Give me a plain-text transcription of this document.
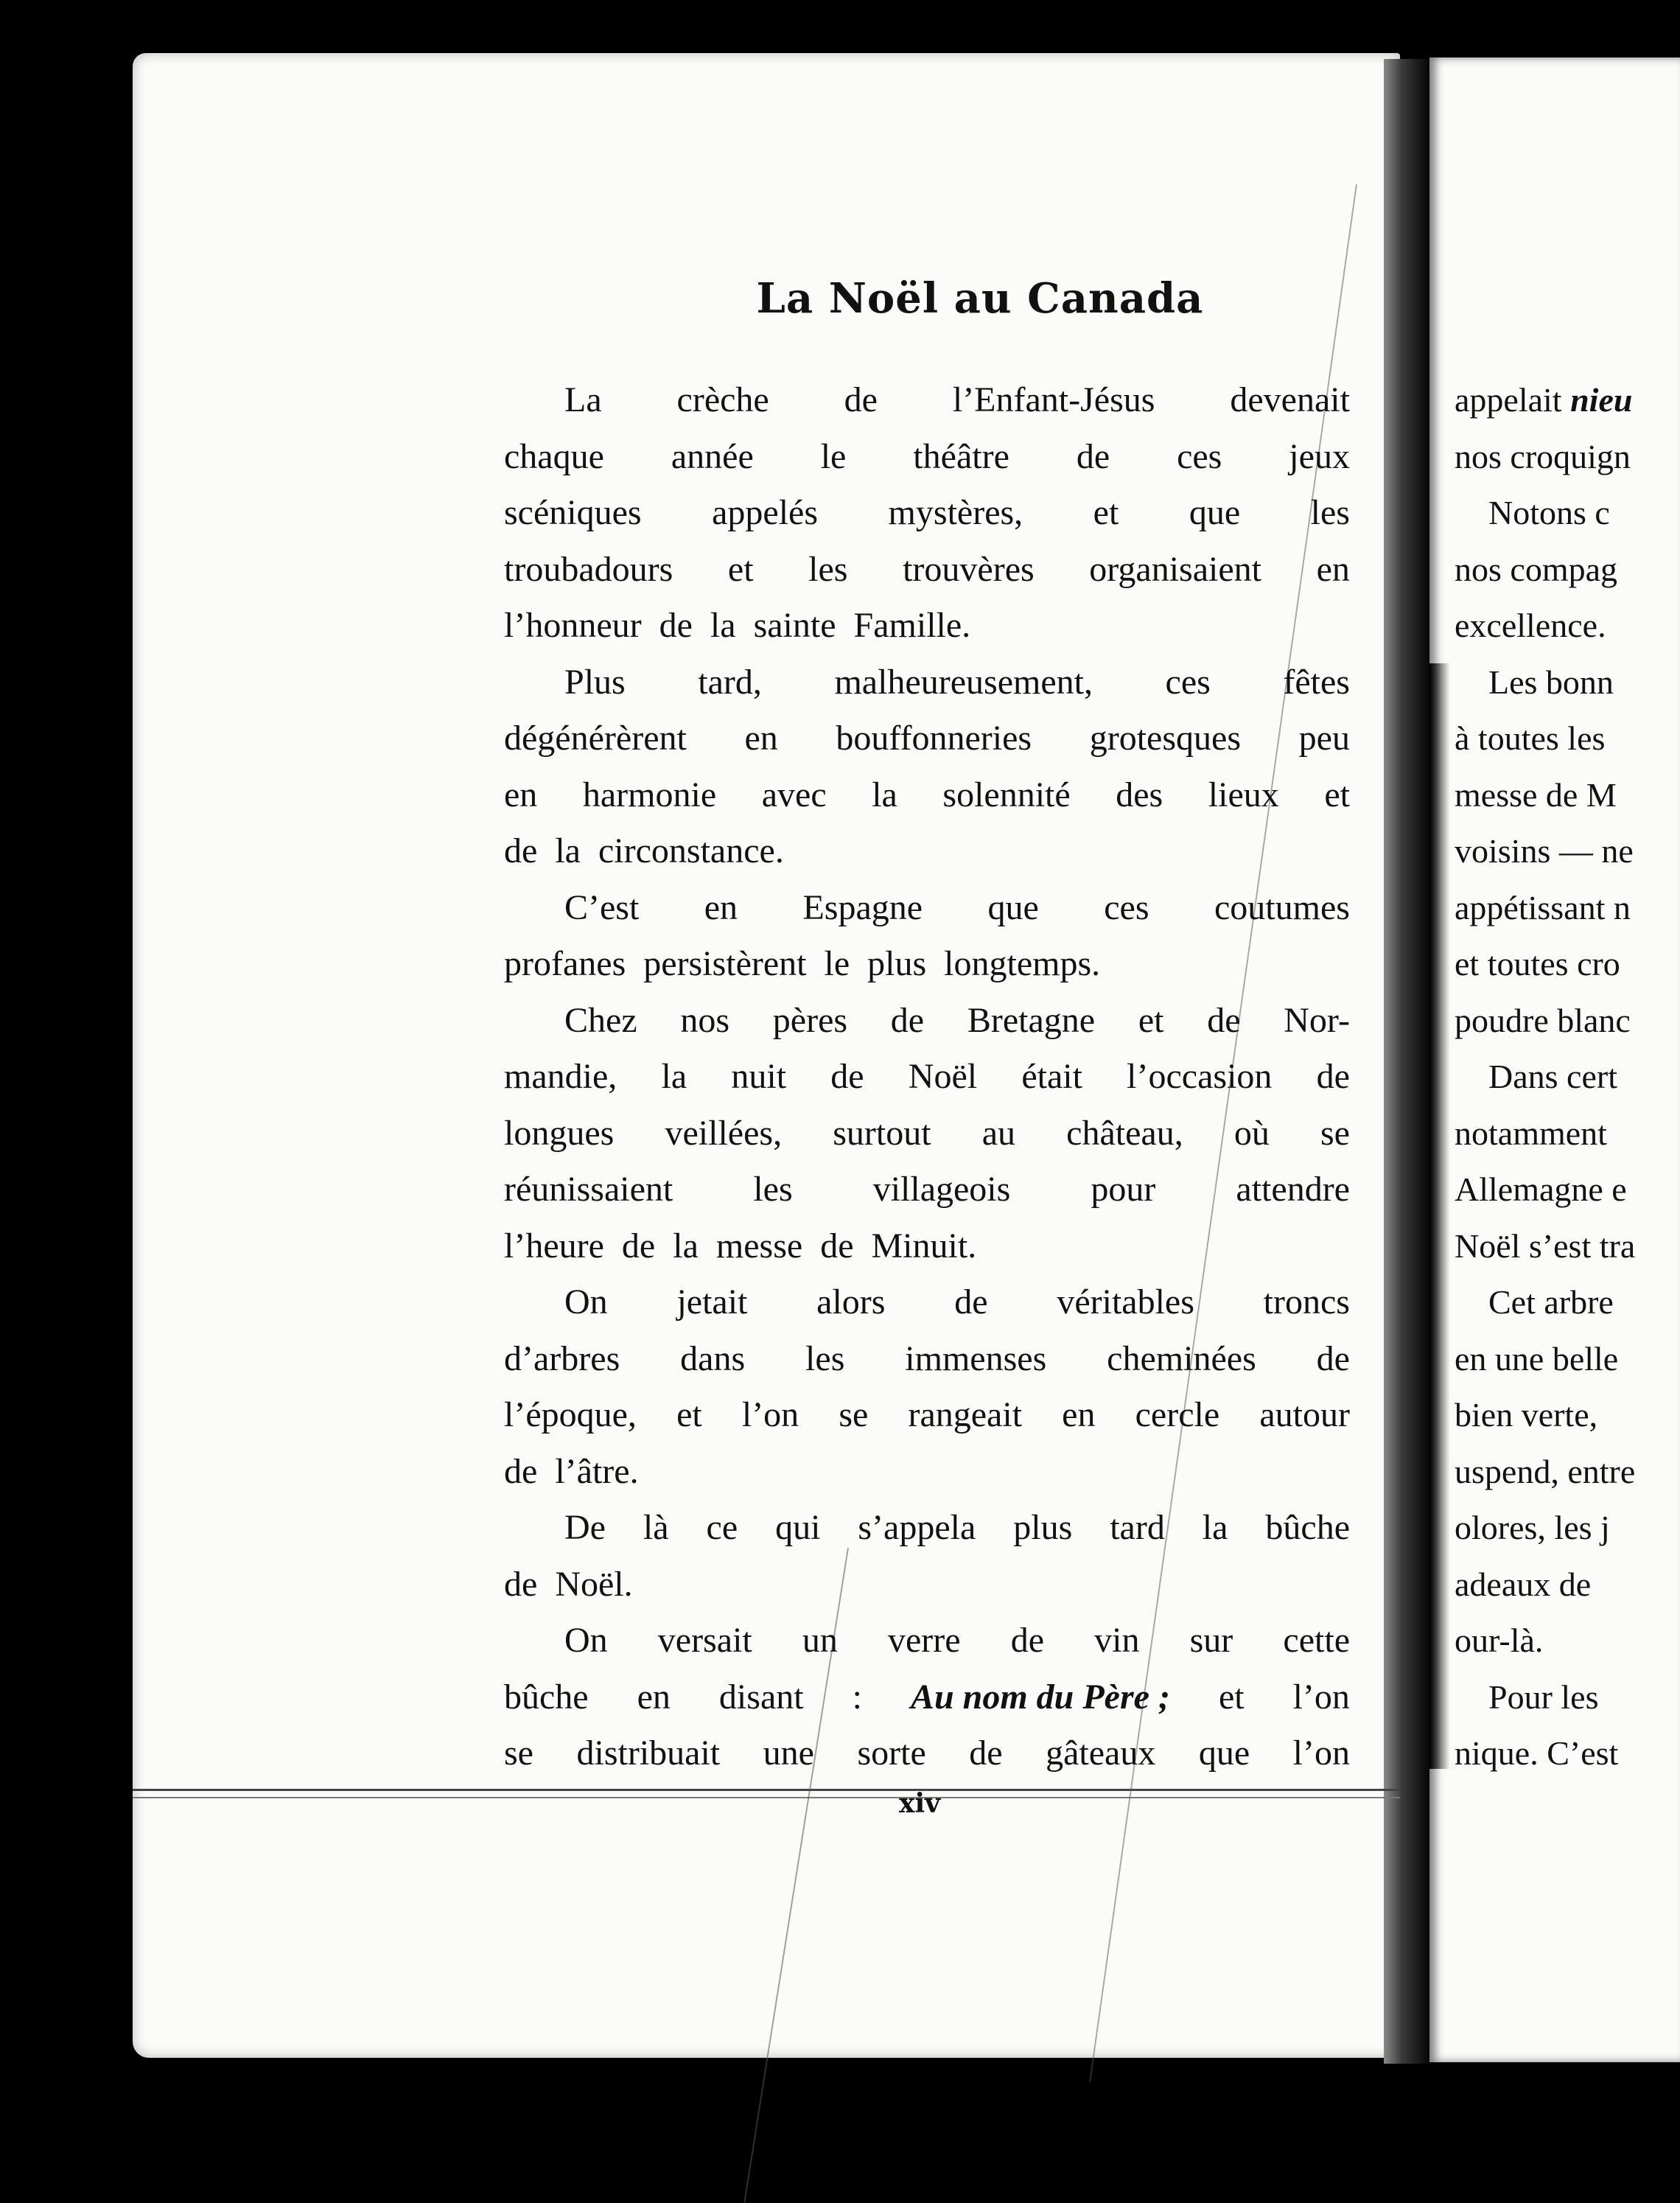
La Noël au Canada
La crèche de l’Enfant-Jésus devenait
chaque année le théâtre de ces jeux
scéniques appelés mystères, et que les
troubadours et les trouvères organisaient en
l’honneur de la sainte Famille.
Plus tard, malheureusement, ces fêtes
dégénérèrent en bouffonneries grotesques peu
en harmonie avec la solennité des lieux et
de la circonstance.
C’est en Espagne que ces coutumes
profanes persistèrent le plus longtemps.
Chez nos pères de Bretagne et de Nor-
mandie, la nuit de Noël était l’occasion de
longues veillées, surtout au château, où se
réunissaient les villageois pour attendre
l’heure de la messe de Minuit.
On jetait alors de véritables troncs
d’arbres dans les immenses cheminées de
l’époque, et l’on se rangeait en cercle autour
de l’âtre.
De là ce qui s’appela plus tard la bûche
de Noël.
On versait un verre de vin sur cette
bûche en disant : Au nom du Père ; et l’on
se distribuait une sorte de gâteaux que l’on
xiv
appelait nieu
nos croquign
Notons c
nos compag
excellence.
Les bonn
à toutes les
messe de M
voisins — ne
appétissant n
et toutes cro
poudre blanc
Dans cert
notamment
Allemagne e
Noël s’est tra
Cet arbre
en une belle
bien verte,
uspend, entre
olores, les j
adeaux de
our-là.
Pour les
nique. C’est
